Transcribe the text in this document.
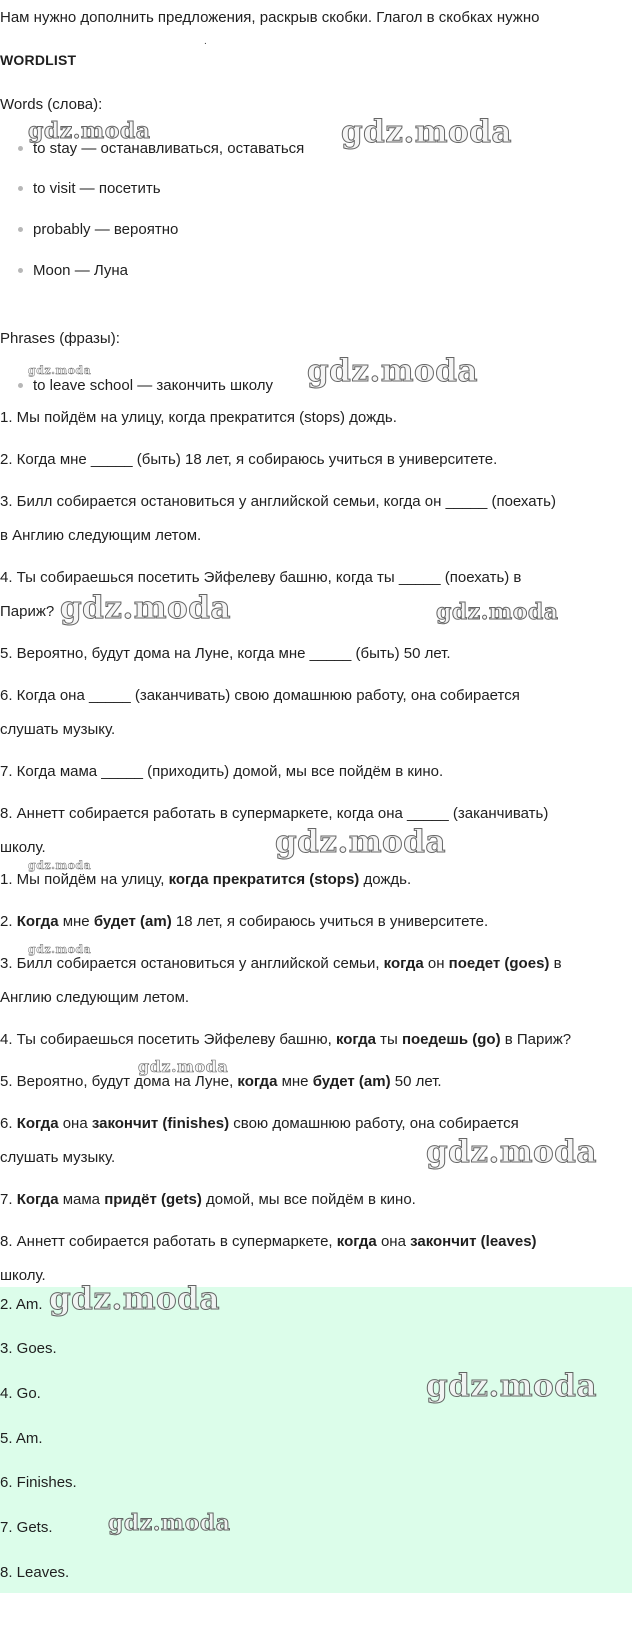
Нам нужно дополнить предложения, раскрыв скобки. Глагол в скобках нужно
.
WORDLIST
Words (слова):
to stay — останавливаться, оставаться
to visit — посетить
probably — вероятно
Moon — Луна
Phrases (фразы):
to leave school — закончить школу
1. Мы пойдём на улицу, когда прекратится (stops) дождь.
2. Когда мне _____ (быть) 18 лет, я собираюсь учиться в университете.
3. Билл собирается остановиться у английской семьи, когда он _____ (поехать)
в Англию следующим летом.
4. Ты собираешься посетить Эйфелеву башню, когда ты _____ (поехать) в
Париж?
5. Вероятно, будут дома на Луне, когда мне _____ (быть) 50 лет.
6. Когда она _____ (заканчивать) свою домашнюю работу, она собирается
слушать музыку.
7. Когда мама _____ (приходить) домой, мы все пойдём в кино.
8. Аннетт собирается работать в супермаркете, когда она _____ (заканчивать)
школу.
1. Мы пойдём на улицу, когда прекратится (stops) дождь.
2. Когда мне будет (am) 18 лет, я собираюсь учиться в университете.
3. Билл собирается остановиться у английской семьи, когда он поедет (goes) в
Англию следующим летом.
4. Ты собираешься посетить Эйфелеву башню, когда ты поедешь (go) в Париж?
5. Вероятно, будут дома на Луне, когда мне будет (am) 50 лет.
6. Когда она закончит (finishes) свою домашнюю работу, она собирается
слушать музыку.
7. Когда мама придёт (gets) домой, мы все пойдём в кино.
8. Аннетт собирается работать в супермаркете, когда она закончит (leaves)
школу.
2. Am.
3. Goes.
4. Go.
5. Am.
6. Finishes.
7. Gets.
8. Leaves.
gdz.moda	gdz.moda
gdz.moda	gdz.moda
gdz.moda	gdz.moda
gdz.moda
gdz.moda
gdz.moda
gdz.moda
gdz.moda
gdz.moda
gdz.moda
gdz.moda
